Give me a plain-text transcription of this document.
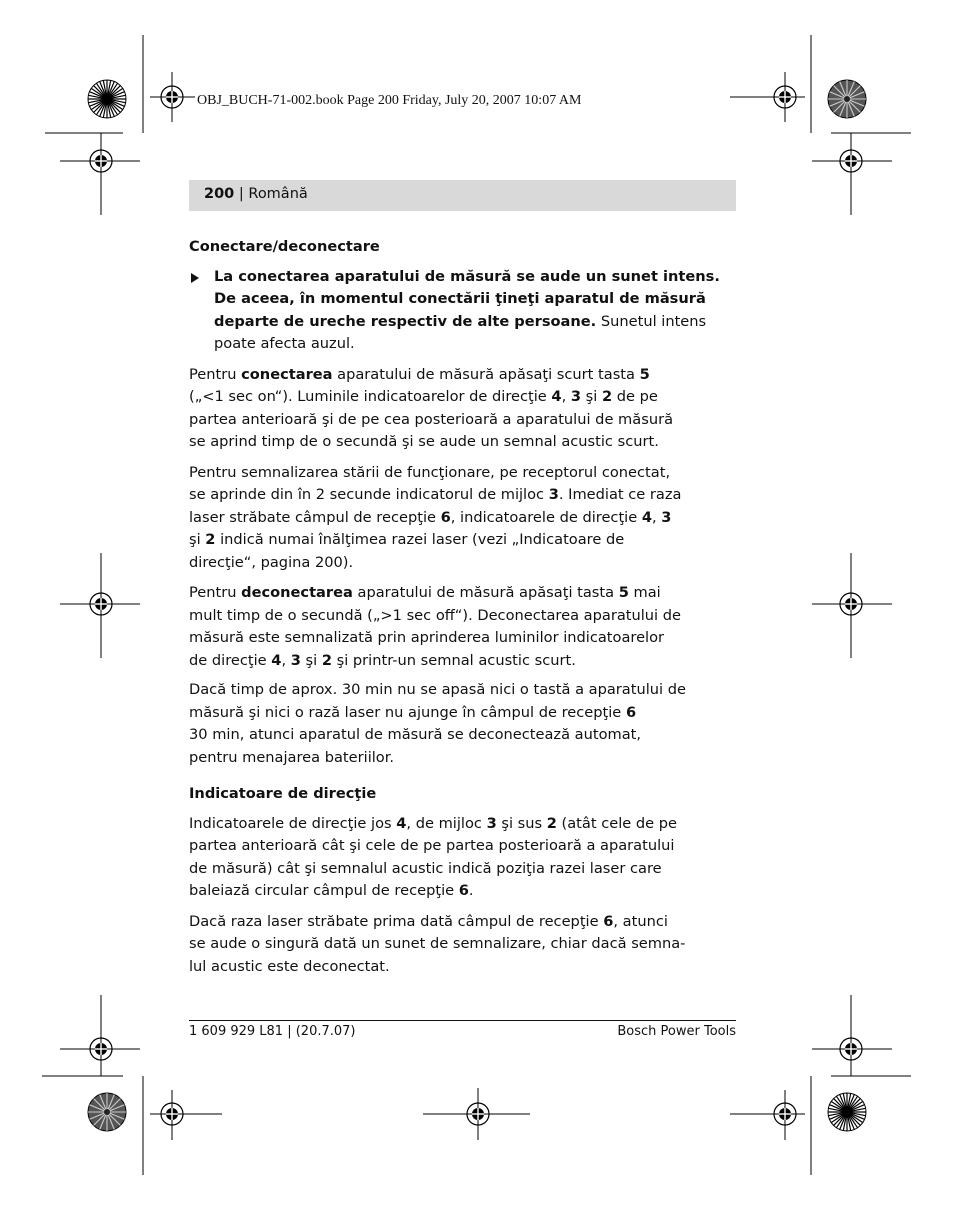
OBJ_BUCH-71-002.book Page 200 Friday, July 20, 2007 10:07 AM
200 | Română
Conectare/deconectare
La conectarea aparatului de măsură se aude un sunet intens.
De aceea, în momentul conectării ţineţi aparatul de măsură
departe de ureche respectiv de alte persoane. Sunetul intens
poate afecta auzul.

Pentru conectarea aparatului de măsură apăsaţi scurt tasta 5
(„<1 sec on“). Luminile indicatoarelor de direcţie 4, 3 şi 2 de pe
partea anterioară şi de pe cea posterioară a aparatului de măsură
se aprind timp de o secundă şi se aude un semnal acustic scurt.

Pentru semnalizarea stării de funcţionare, pe receptorul conectat,
se aprinde din în 2 secunde indicatorul de mijloc 3. Imediat ce raza
laser străbate câmpul de recepţie 6, indicatoarele de direcţie 4, 3
şi 2 indică numai înălţimea razei laser (vezi „Indicatoare de
direcţie“, pagina 200).

Pentru deconectarea aparatului de măsură apăsaţi tasta 5 mai
mult timp de o secundă („>1 sec off“). Deconectarea aparatului de
măsură este semnalizată prin aprinderea luminilor indicatoarelor
de direcţie 4, 3 şi 2 şi printr-un semnal acustic scurt.

Dacă timp de aprox. 30 min nu se apasă nici o tastă a aparatului de
măsură şi nici o rază laser nu ajunge în câmpul de recepţie 6
30 min, atunci aparatul de măsură se deconectează automat,
pentru menajarea bateriilor.

Indicatoare de direcţie

Indicatoarele de direcţie jos 4, de mijloc 3 şi sus 2 (atât cele de pe
partea anterioară cât şi cele de pe partea posterioară a aparatului
de măsură) cât şi semnalul acustic indică poziţia razei laser care
baleiază circular câmpul de recepţie 6.

Dacă raza laser străbate prima dată câmpul de recepţie 6, atunci
se aude o singură dată un sunet de semnalizare, chiar dacă semna-
lul acustic este deconectat.

1 609 929 L81 | (20.7.07)	Bosch Power Tools
